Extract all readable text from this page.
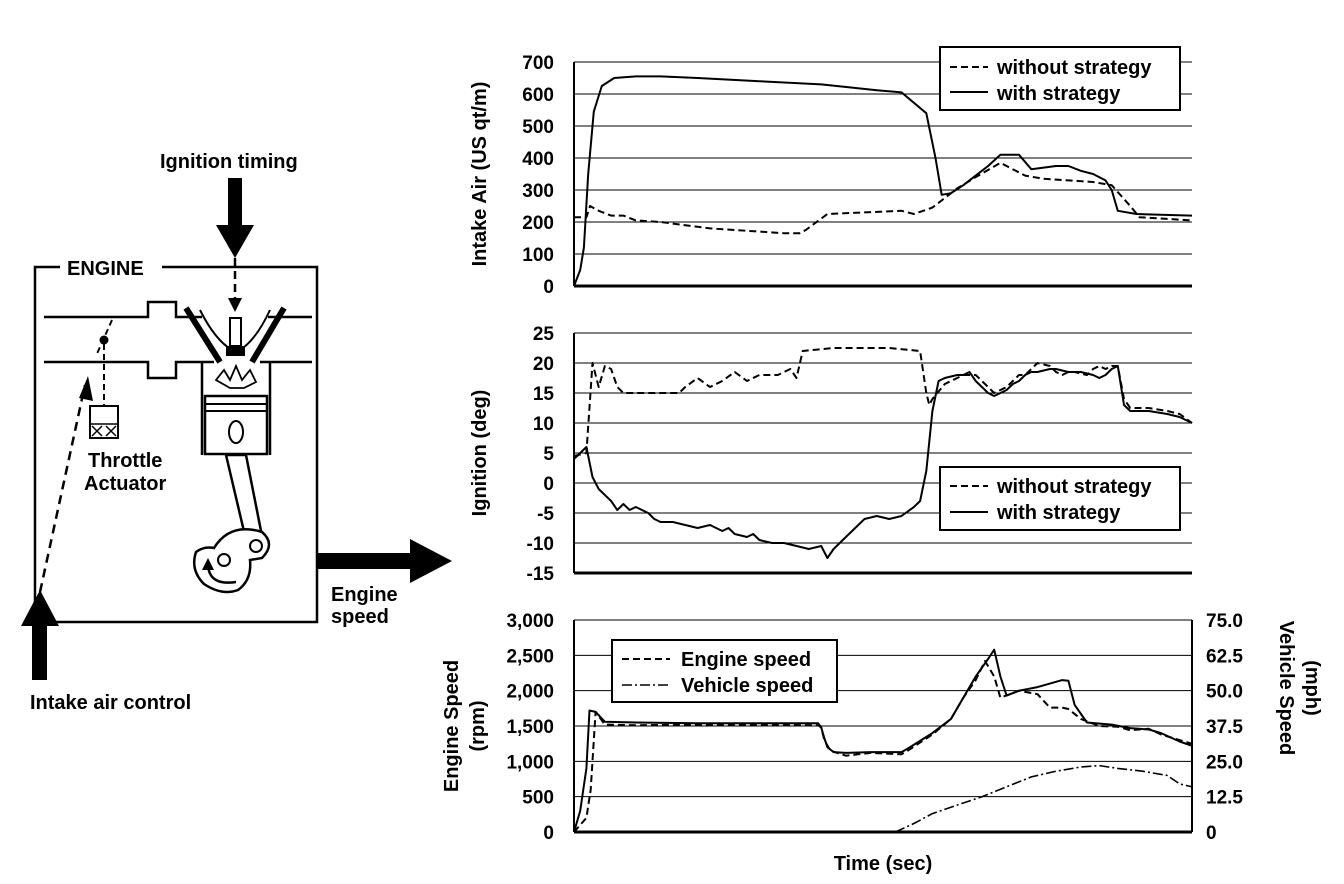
Ignition timing
ENGINE
Throttle
Actuator
Intake air control
Engine
speed
0
100
200
300
400
500
600
700
Intake Air (US qt/m)
without strategy
with strategy
-15
-10
-5
0
5
10
15
20
25
Ignition (deg)	without strategy
with strategy
0
500
1,000
1,500
2,000
2,500
3,000
0
12.5
25.0
37.5
50.0
62.5
75.0
Engine Speed (rpm)	Vehicle Speed (mph)
Time (sec)
Engine speed
Vehicle speed
